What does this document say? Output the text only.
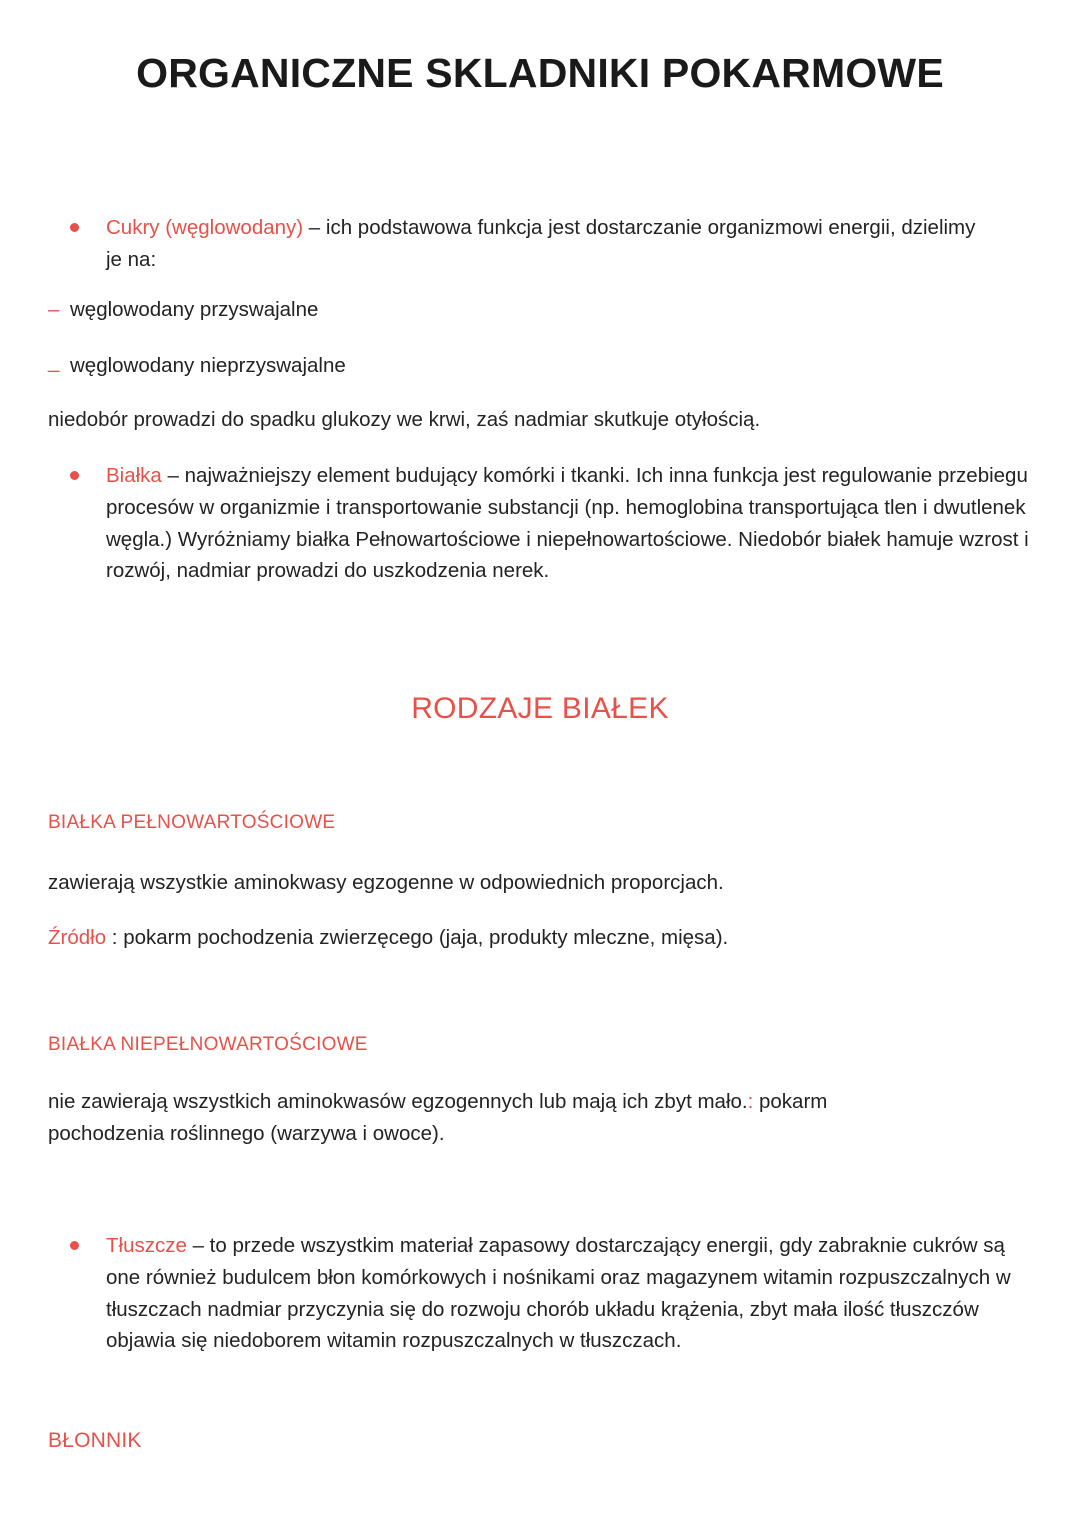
ORGANICZNE SKLADNIKI POKARMOWE
Cukry (węglowodany) – ich podstawowa funkcja jest dostarczanie organizmowi energii, dzielimy je na:
– węglowodany przyswajalne
_ węglowodany nieprzyswajalne
niedobór prowadzi do spadku glukozy we krwi, zaś nadmiar skutkuje otyłością.
Białka – najważniejszy element budujący komórki i tkanki. Ich inna funkcja jest regulowanie przebiegu procesów w organizmie i transportowanie substancji (np. hemoglobina transportująca tlen i dwutlenek węgla.) Wyróżniamy białka Pełnowartościowe i niepełnowartościowe. Niedobór białek hamuje wzrost i rozwój, nadmiar prowadzi do uszkodzenia nerek.
RODZAJE BIAŁEK
BIAŁKA PEŁNOWARTOŚCIOWE
zawierają wszystkie aminokwasy egzogenne w odpowiednich proporcjach.
Źródło : pokarm pochodzenia zwierzęcego (jaja, produkty mleczne, mięsa).
BIAŁKA NIEPEŁNOWARTOŚCIOWE
nie zawierają wszystkich aminokwasów egzogennych lub mają ich zbyt mało.: pokarm pochodzenia roślinnego (warzywa i owoce).
Tłuszcze – to przede wszystkim materiał zapasowy dostarczający energii, gdy zabraknie cukrów są one również budulcem błon komórkowych i nośnikami oraz magazynem witamin rozpuszczalnych w tłuszczach nadmiar przyczynia się do rozwoju chorób układu krążenia, zbyt mała ilość tłuszczów objawia się niedoborem witamin rozpuszczalnych w tłuszczach.
BŁONNIK
